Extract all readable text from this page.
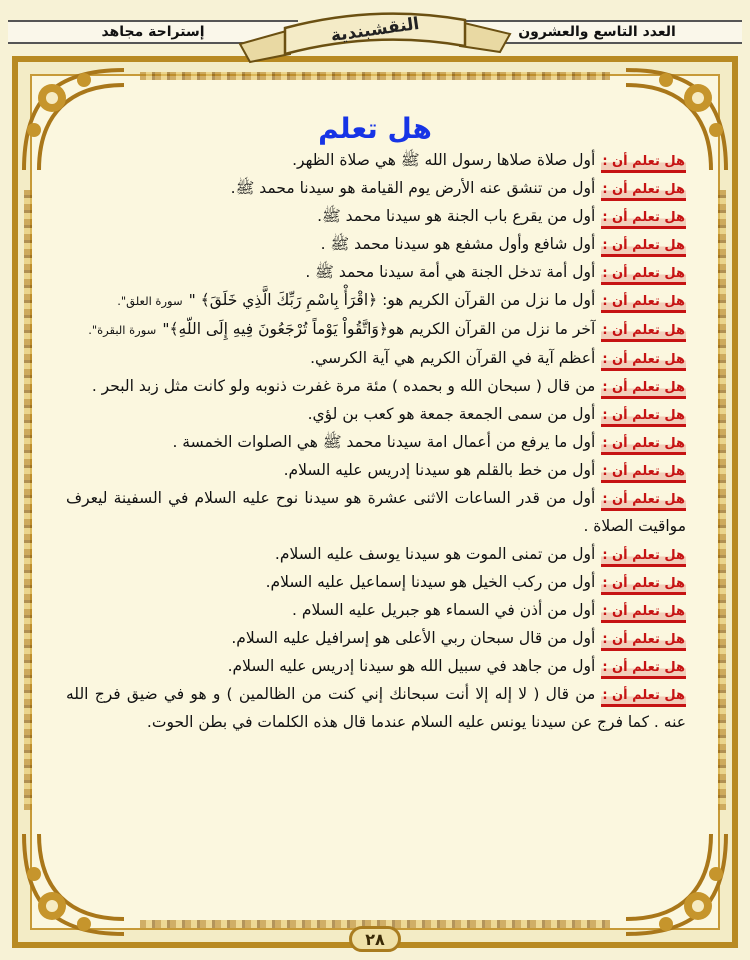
إستراحة مجاهد	العدد التاسع والعشرون
النقشبندية
هل تعلم

هل تعلم أن :أول صلاة صلاها رسول الله ﷺ هي صلاة الظهر.

هل تعلم أن :أول من تنشق عنه الأرض يوم القيامة هو سيدنا محمد ﷺ.

هل تعلم أن :أول من يقرع باب الجنة هو سيدنا محمد ﷺ.

هل تعلم أن :أول شافع وأول مشفع هو سيدنا محمد ﷺ .

هل تعلم أن :أول أمة تدخل الجنة هي أمة سيدنا محمد ﷺ .

هل تعلم أن :أول ما نزل من القرآن الكريم هو: ﴿اقْرَأْ بِاسْمِ رَبِّكَ الَّذِي خَلَقَ﴾ "سورة العلق".

هل تعلم أن :آخر ما نزل من القرآن الكريم هو﴿وَاتَّقُواْ يَوْماً تُرْجَعُونَ فِيهِ إِلَى اللّهِ﴾"سورة البقرة".

هل تعلم أن :أعظم آية في القرآن الكريم هي آية الكرسي.

هل تعلم أن :من قال ( سبحان الله و بحمده ) مئة مرة غفرت ذنوبه ولو كانت مثل زبد البحر .

هل تعلم أن :أول من سمى الجمعة جمعة هو كعب بن لؤي.

هل تعلم أن :أول ما يرفع من أعمال امة سيدنا محمد ﷺ هي الصلوات الخمسة .

هل تعلم أن :أول من خط بالقلم هو سيدنا إدريس عليه السلام.

هل تعلم أن :أول من قدر الساعات الاثنى عشرة هو سيدنا نوح عليه السلام في السفينة ليعرف مواقيت الصلاة .

هل تعلم أن :أول من تمنى الموت هو سيدنا يوسف عليه السلام.

هل تعلم أن :أول من ركب الخيل هو سيدنا إسماعيل عليه السلام.

هل تعلم أن :أول من أذن في السماء هو جبريل عليه السلام .

هل تعلم أن :أول من قال سبحان ربي الأعلى هو إسرافيل عليه السلام.

هل تعلم أن :أول من جاهد في سبيل الله هو سيدنا إدريس عليه السلام.

هل تعلم أن :من قال ( لا إله إلا أنت سبحانك إني كنت من الظالمين ) و هو في ضيق فرج الله عنه . كما فرج عن سيدنا يونس عليه السلام عندما قال هذه الكلمات في بطن الحوت.

٢٨
